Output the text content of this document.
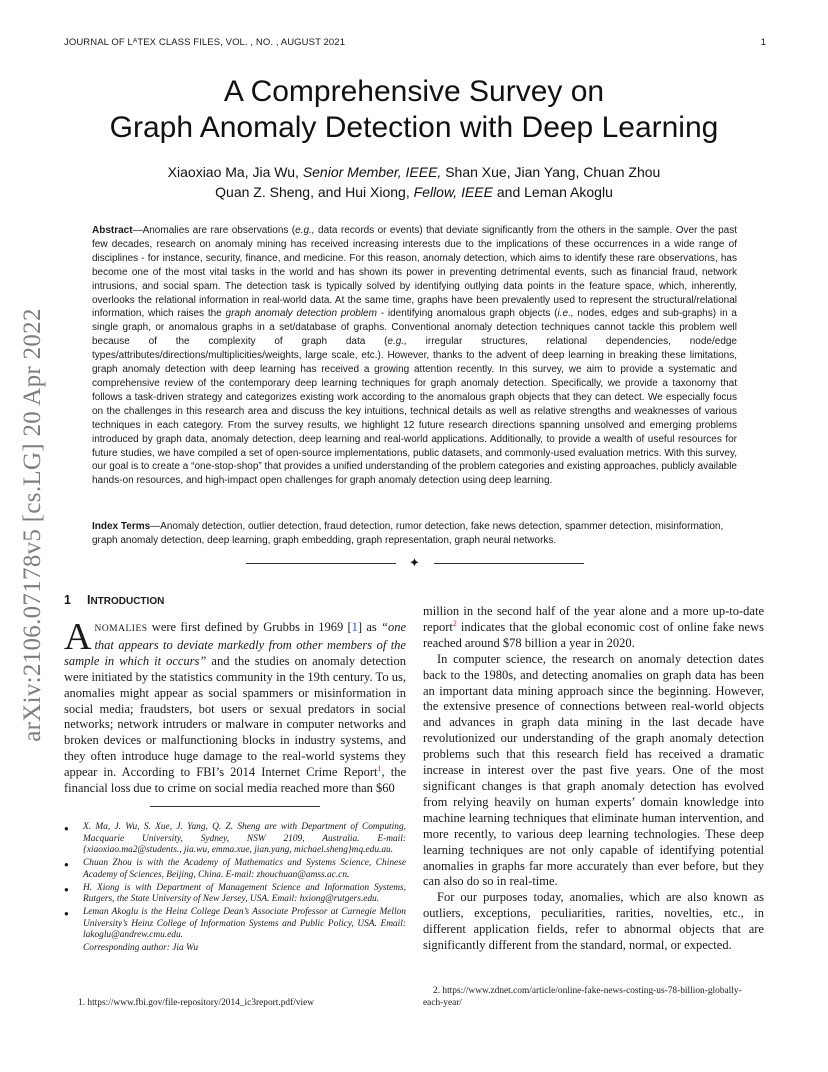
JOURNAL OF LᴬTEX CLASS FILES, VOL. , NO. , AUGUST 2021	1
arXiv:2106.07178v5 [cs.LG] 20 Apr 2022
A Comprehensive Survey on
Graph Anomaly Detection with Deep Learning
Xiaoxiao Ma, Jia Wu, Senior Member, IEEE, Shan Xue, Jian Yang, Chuan Zhou
Quan Z. Sheng, and Hui Xiong, Fellow, IEEE and Leman Akoglu
Abstract—Anomalies are rare observations (e.g., data records or events) that deviate significantly from the others in the sample. Over the past few decades, research on anomaly mining has received increasing interests due to the implications of these occurrences in a wide range of disciplines - for instance, security, finance, and medicine. For this reason, anomaly detection, which aims to identify these rare observations, has become one of the most vital tasks in the world and has shown its power in preventing detrimental events, such as financial fraud, network intrusions, and social spam. The detection task is typically solved by identifying outlying data points in the feature space, which, inherently, overlooks the relational information in real-world data. At the same time, graphs have been prevalently used to represent the structural/relational information, which raises the graph anomaly detection problem - identifying anomalous graph objects (i.e., nodes, edges and sub-graphs) in a single graph, or anomalous graphs in a set/database of graphs. Conventional anomaly detection techniques cannot tackle this problem well because of the complexity of graph data (e.g., irregular structures, relational dependencies, node/edge types/attributes/directions/multiplicities/weights, large scale, etc.). However, thanks to the advent of deep learning in breaking these limitations, graph anomaly detection with deep learning has received a growing attention recently. In this survey, we aim to provide a systematic and comprehensive review of the contemporary deep learning techniques for graph anomaly detection. Specifically, we provide a taxonomy that follows a task-driven strategy and categorizes existing work according to the anomalous graph objects that they can detect. We especially focus on the challenges in this research area and discuss the key intuitions, technical details as well as relative strengths and weaknesses of various techniques in each category. From the survey results, we highlight 12 future research directions spanning unsolved and emerging problems introduced by graph data, anomaly detection, deep learning and real-world applications. Additionally, to provide a wealth of useful resources for future studies, we have compiled a set of open-source implementations, public datasets, and commonly-used evaluation metrics. With this survey, our goal is to create a “one-stop-shop” that provides a unified understanding of the problem categories and existing approaches, publicly available hands-on resources, and high-impact open challenges for graph anomaly detection using deep learning.
Index Terms—Anomaly detection, outlier detection, fraud detection, rumor detection, fake news detection, spammer detection, misinformation, graph anomaly detection, deep learning, graph embedding, graph representation, graph neural networks.
✦
1 INTRODUCTION

ANOMALIES were first defined by Grubbs in 1969 [1] as “one that appears to deviate markedly from other members of the sample in which it occurs” and the studies on anomaly detection were initiated by the statistics community in the 19th century. To us, anomalies might appear as social spammers or misinformation in social media; fraudsters, bot users or sexual predators in social networks; network intruders or malware in computer networks and broken devices or malfunctioning blocks in industry systems, and they often introduce huge damage to the real-world systems they appear in. According to FBI’s 2014 Internet Crime Report$^1$, the financial loss due to crime on social media reached more than $60

● X. Ma, J. Wu, S. Xue, J. Yang, Q. Z. Sheng are with Department of Computing, Macquarie University, Sydney, NSW 2109, Australia. E-mail: {xiaoxiao.ma2@students., jia.wu, emma.xue, jian.yang, michael.sheng}mq.edu.au.
● Chuan Zhou is with the Academy of Mathematics and Systems Science, Chinese Academy of Sciences, Beijing, China. E-mail: zhouchuan@amss.ac.cn.
● H. Xiong is with Department of Management Science and Information Systems, Rutgers, the State University of New Jersey, USA. Email: hxiong@rutgers.edu.
● Leman Akoglu is the Heinz College Dean’s Associate Professor at Carnegie Mellon University’s Heinz College of Information Systems and Public Policy, USA. Email: lakoglu@andrew.cmu.edu.
Corresponding author: Jia Wu
1. https://www.fbi.gov/file-repository/2014_ic3report.pdf/view

million in the second half of the year alone and a more up-to-date report$^2$ indicates that the global economic cost of online fake news reached around $78 billion a year in 2020.

In computer science, the research on anomaly detection dates back to the 1980s, and detecting anomalies on graph data has been an important data mining approach since the beginning. However, the extensive presence of connections between real-world objects and advances in graph data mining in the last decade have revolutionized our understanding of the graph anomaly detection problems such that this research field has received a dramatic increase in interest over the past five years. One of the most significant changes is that graph anomaly detection has evolved from relying heavily on human experts’ domain knowledge into machine learning techniques that eliminate human intervention, and more recently, to various deep learning technologies. These deep learning techniques are not only capable of identifying potential anomalies in graphs far more accurately than ever before, but they can also do so in real-time.

For our purposes today, anomalies, which are also known as outliers, exceptions, peculiarities, rarities, novelties, etc., in different application fields, refer to abnormal objects that are significantly different from the standard, normal, or expected.

2. https://www.zdnet.com/article/online-fake-news-costing-us-78-billion-globally-each-year/
